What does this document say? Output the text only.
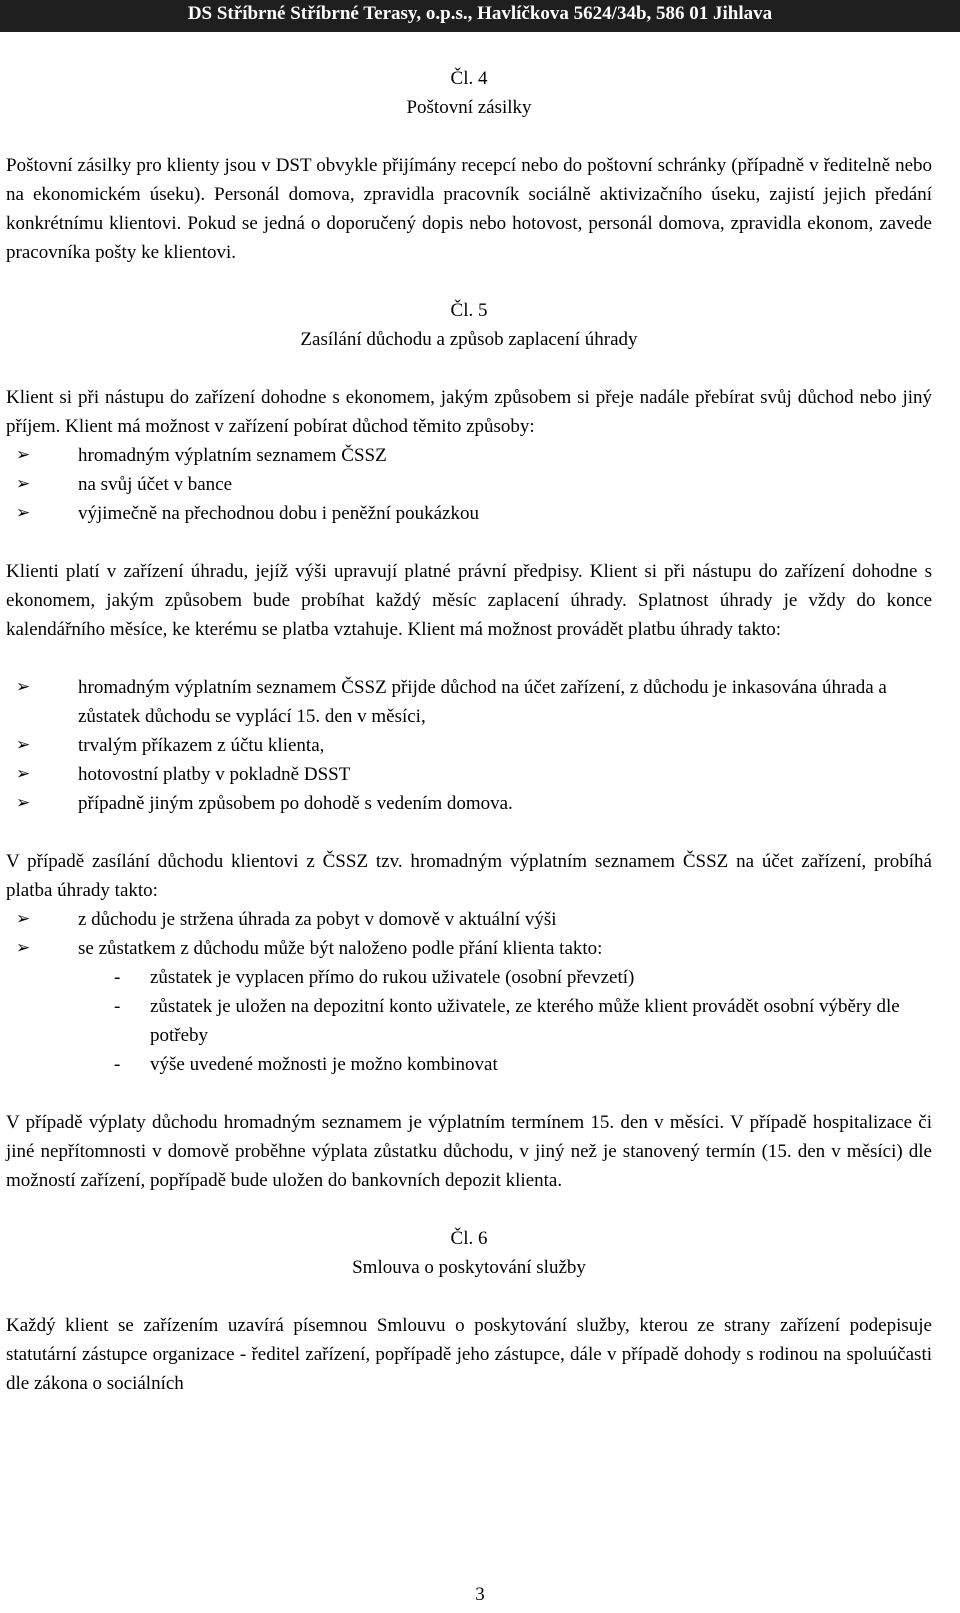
DS Stříbrné Stříbrné Terasy, o.p.s., Havlíčkova 5624/34b, 586 01 Jihlava
Čl. 4
Poštovní zásilky

Poštovní zásilky pro klienty jsou v DST obvykle přijímány recepcí nebo do poštovní schránky (případně v ředitelně nebo na ekonomickém úseku). Personál domova, zpravidla pracovník sociálně aktivizačního úseku, zajistí jejich předání konkrétnímu klientovi. Pokud se jedná o doporučený dopis nebo hotovost, personál domova, zpravidla ekonom, zavede pracovníka pošty ke klientovi.

Čl. 5
Zasílání důchodu a způsob zaplacení úhrady

Klient si při nástupu do zařízení dohodne s ekonomem, jakým způsobem si přeje nadále přebírat svůj důchod nebo jiný příjem. Klient má možnost v zařízení pobírat důchod těmito způsoby:

➢	hromadným výplatním seznamem ČSSZ
➢	na svůj účet v bance
➢	výjimečně na přechodnou dobu i peněžní poukázkou

Klienti platí v zařízení úhradu, jejíž výši upravují platné právní předpisy. Klient si při nástupu do zařízení dohodne s ekonomem, jakým způsobem bude probíhat každý měsíc zaplacení úhrady. Splatnost úhrady je vždy do konce kalendářního měsíce, ke kterému se platba vztahuje. Klient má možnost provádět platbu úhrady takto:

➢	hromadným výplatním seznamem ČSSZ přijde důchod na účet zařízení, z důchodu je inkasována úhrada a zůstatek důchodu se vyplácí 15. den v měsíci,
➢	trvalým příkazem z účtu klienta,
➢	hotovostní platby v pokladně DSST
➢	případně jiným způsobem po dohodě s vedením domova.

V případě zasílání důchodu klientovi z ČSSZ tzv. hromadným výplatním seznamem ČSSZ na účet zařízení, probíhá platba úhrady takto:

➢	z důchodu je stržena úhrada za pobyt v domově v aktuální výši
➢	se zůstatkem z důchodu může být naloženo podle přání klienta takto:
- zůstatek je vyplacen přímo do rukou uživatele (osobní převzetí)
- zůstatek je uložen na depozitní konto uživatele, ze kterého může klient provádět osobní výběry dle potřeby
- výše uvedené možnosti je možno kombinovat

V případě výplaty důchodu hromadným seznamem je výplatním termínem 15. den v měsíci. V případě hospitalizace či jiné nepřítomnosti v domově proběhne výplata zůstatku důchodu, v jiný než je stanovený termín (15. den v měsíci) dle možností zařízení, popřípadě bude uložen do bankovních depozit klienta.

Čl. 6
Smlouva o poskytování služby

Každý klient se zařízením uzavírá písemnou Smlouvu o poskytování služby, kterou ze strany zařízení podepisuje statutární zástupce organizace - ředitel zařízení, popřípadě jeho zástupce, dále v případě dohody s rodinou na spoluúčasti dle zákona o sociálních

3
